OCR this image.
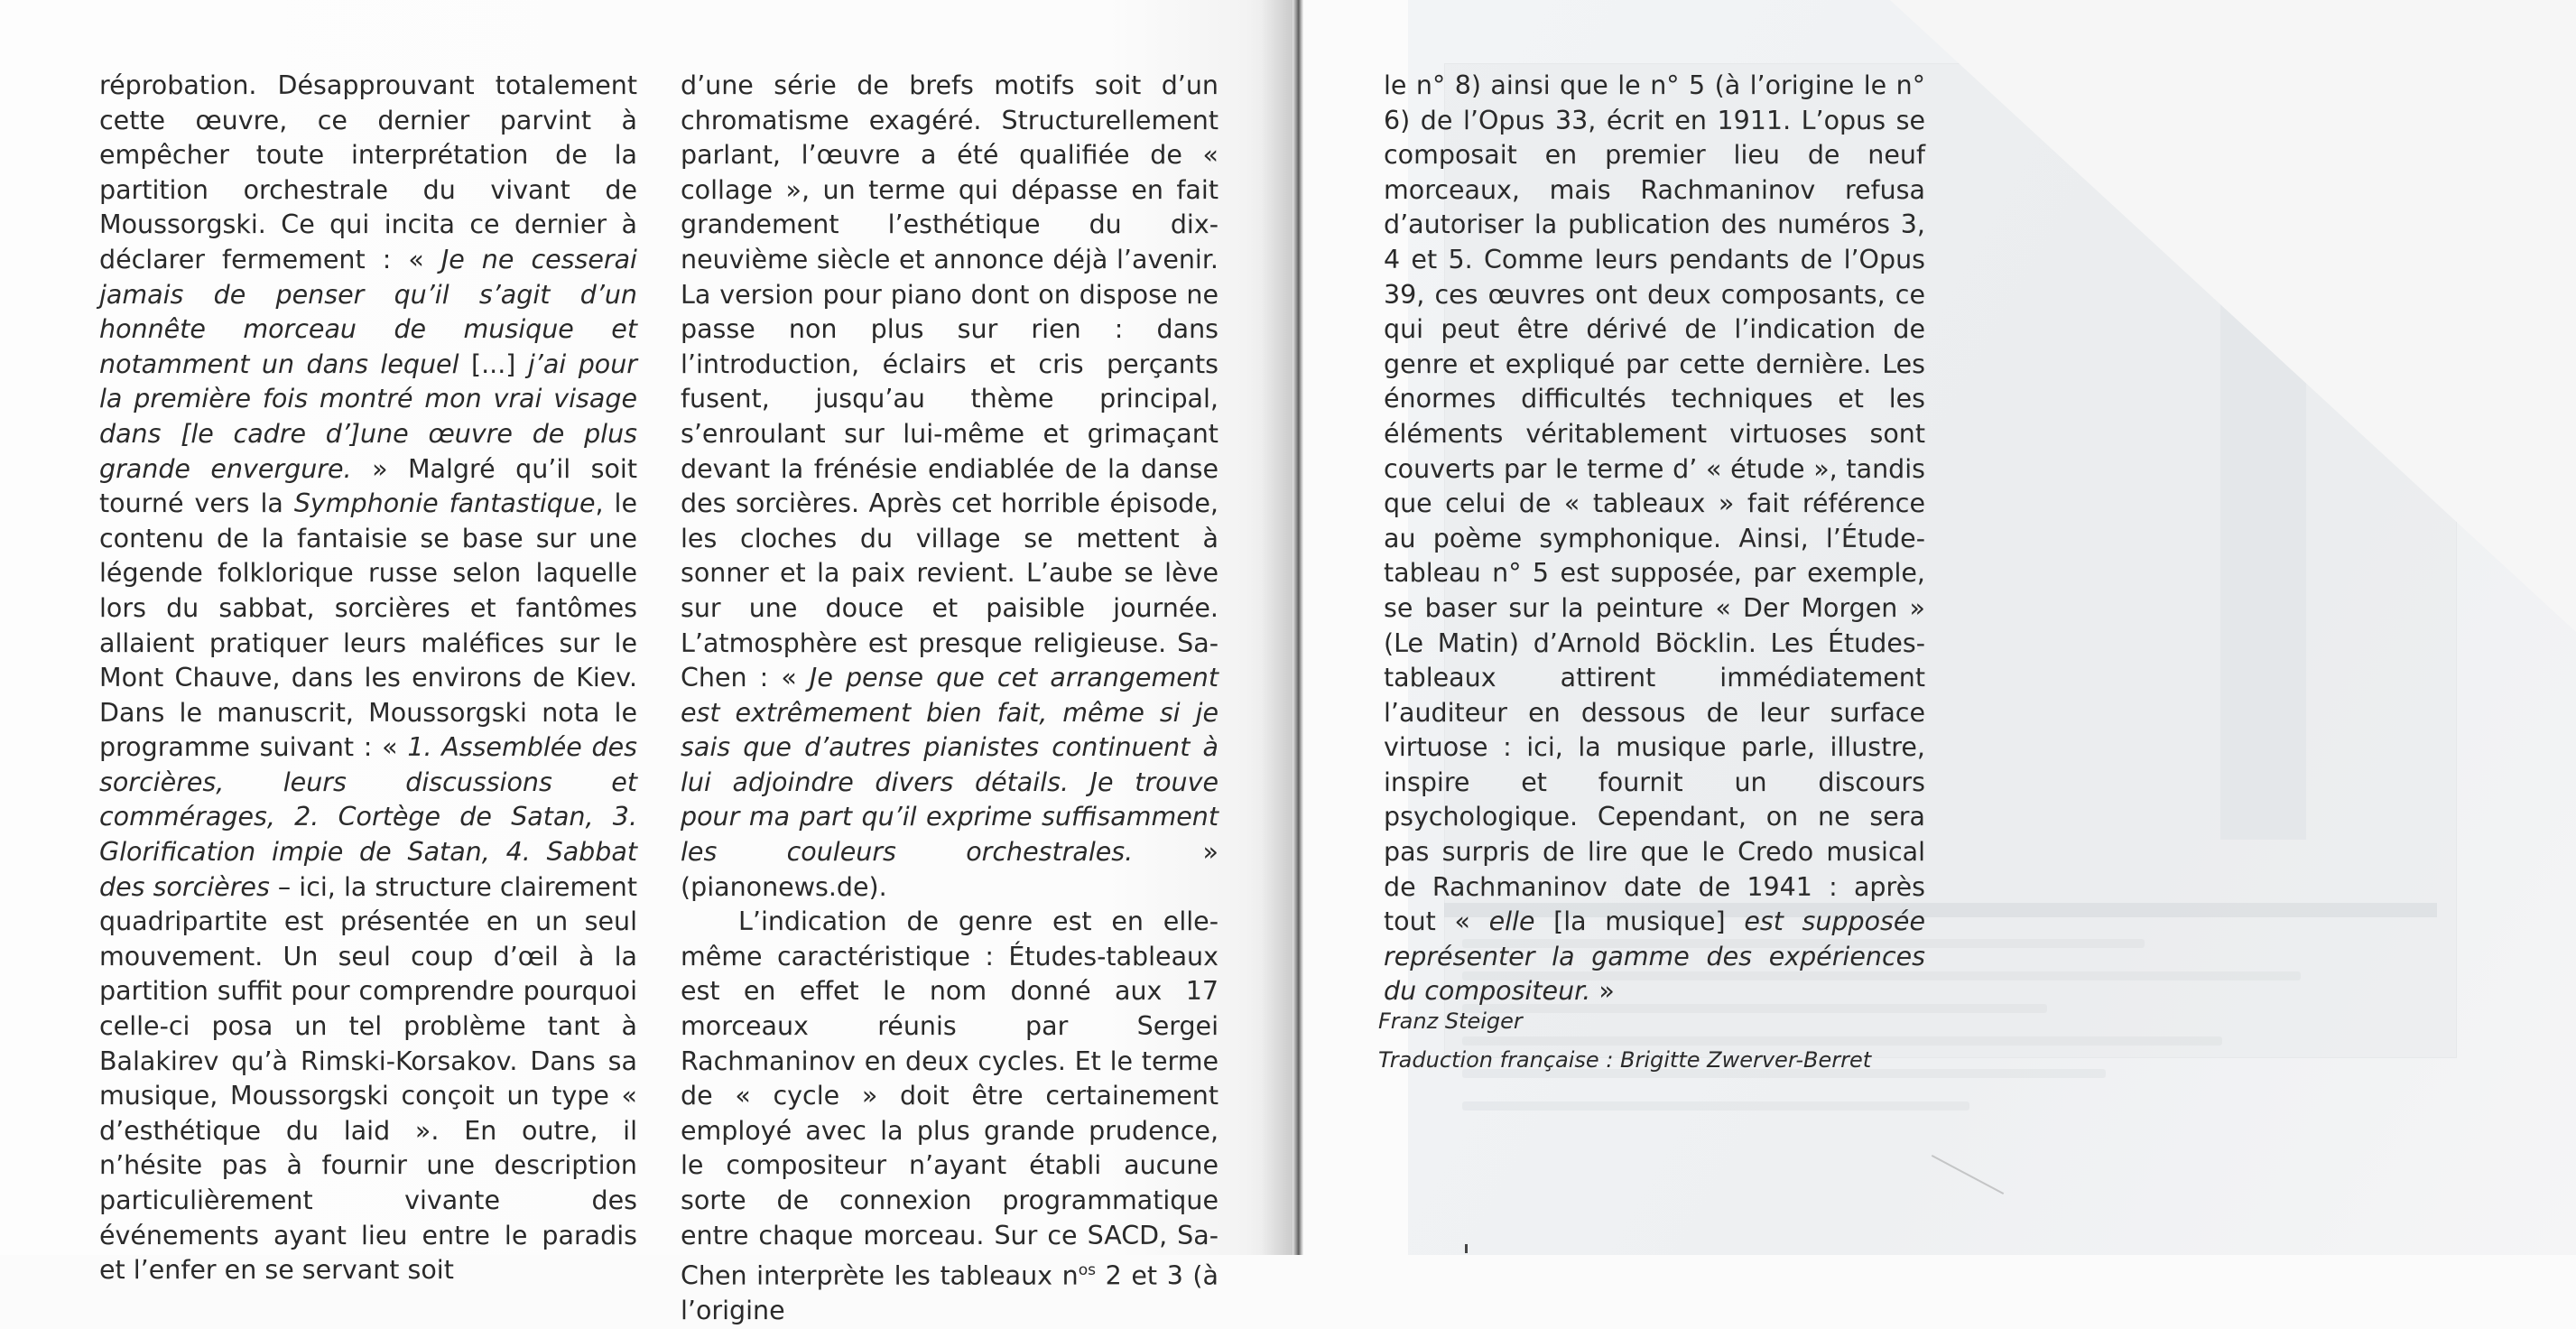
réprobation. Désapprouvant totalement cette œuvre, ce dernier parvint à empêcher toute interprétation de la partition orchestrale du vivant de Moussorgski. Ce qui incita ce dernier à déclarer fermement : « Je ne cesserai jamais de penser qu’il s’agit d’un honnête morceau de musique et notamment un dans lequel [...] j’ai pour la première fois montré mon vrai visage dans [le cadre d’]une œuvre de plus grande envergure. » Malgré qu’il soit tourné vers la Symphonie fantastique, le contenu de la fantaisie se base sur une légende folklorique russe selon laquelle lors du sabbat, sorcières et fantômes allaient pratiquer leurs maléfices sur le Mont Chauve, dans les environs de Kiev. Dans le manuscrit, Moussorgski nota le programme suivant : « 1. Assemblée des sorcières, leurs discussions et commérages, 2. Cortège de Satan, 3. Glorification impie de Satan, 4. Sabbat des sorcières – ici, la structure clairement quadripartite est présentée en un seul mouvement. Un seul coup d’œil à la partition suffit pour comprendre pourquoi celle-ci posa un tel problème tant à Balakirev qu’à Rimski-Korsakov. Dans sa musique, Moussorgski conçoit un type « d’esthétique du laid ». En outre, il n’hésite pas à fournir une description particulièrement vivante des événements ayant lieu entre le paradis et l’enfer en se servant soit

d’une série de brefs motifs soit d’un chromatisme exagéré. Structurellement parlant, l’œuvre a été qualifiée de « collage », un terme qui dépasse en fait grandement l’esthétique du dix-neuvième siècle et annonce déjà l’avenir. La version pour piano dont on dispose ne passe non plus sur rien : dans l’introduction, éclairs et cris perçants fusent, jusqu’au thème principal, s’enroulant sur lui-même et grimaçant devant la frénésie endiablée de la danse des sorcières. Après cet horrible épisode, les cloches du village se mettent à sonner et la paix revient. L’aube se lève sur une douce et paisible journée. L’atmosphère est presque religieuse. Sa-Chen : « Je pense que cet arrangement est extrêmement bien fait, même si je sais que d’autres pianistes continuent à lui adjoindre divers détails. Je trouve pour ma part qu’il exprime suffisamment les couleurs orchestrales. » (pianonews.de).

L’indication de genre est en elle-même caractéristique : Études-tableaux est en effet le nom donné aux 17 morceaux réunis par Sergei Rachmaninov en deux cycles. Et le terme de « cycle » doit être certainement employé avec la plus grande prudence, le compositeur n’ayant établi aucune sorte de connexion programmatique entre chaque morceau. Sur ce SACD, Sa-Chen interprète les tableaux $n^{os}$ 2 et 3 (à l’origine

le n° 8) ainsi que le n° 5 (à l’origine le n° 6) de l’Opus 33, écrit en 1911. L’opus se composait en premier lieu de neuf morceaux, mais Rachmaninov refusa d’autoriser la publication des numéros 3, 4 et 5. Comme leurs pendants de l’Opus 39, ces œuvres ont deux composants, ce qui peut être dérivé de l’indication de genre et expliqué par cette dernière. Les énormes difficultés techniques et les éléments véritablement virtuoses sont couverts par le terme d’ « étude », tandis que celui de « tableaux » fait référence au poème symphonique. Ainsi, l’Étude-tableau n° 5 est supposée, par exemple, se baser sur la peinture « Der Morgen » (Le Matin) d’Arnold Böcklin. Les Études-tableaux attirent immédiatement l’auditeur en dessous de leur surface virtuose : ici, la musique parle, illustre, inspire et fournit un discours psychologique. Cependant, on ne sera pas surpris de lire que le Credo musical de Rachmaninov date de 1941 : après tout « elle [la musique] est supposée représenter la gamme des expériences du compositeur. »

Franz Steiger
Traduction française : Brigitte Zwerver-Berret
